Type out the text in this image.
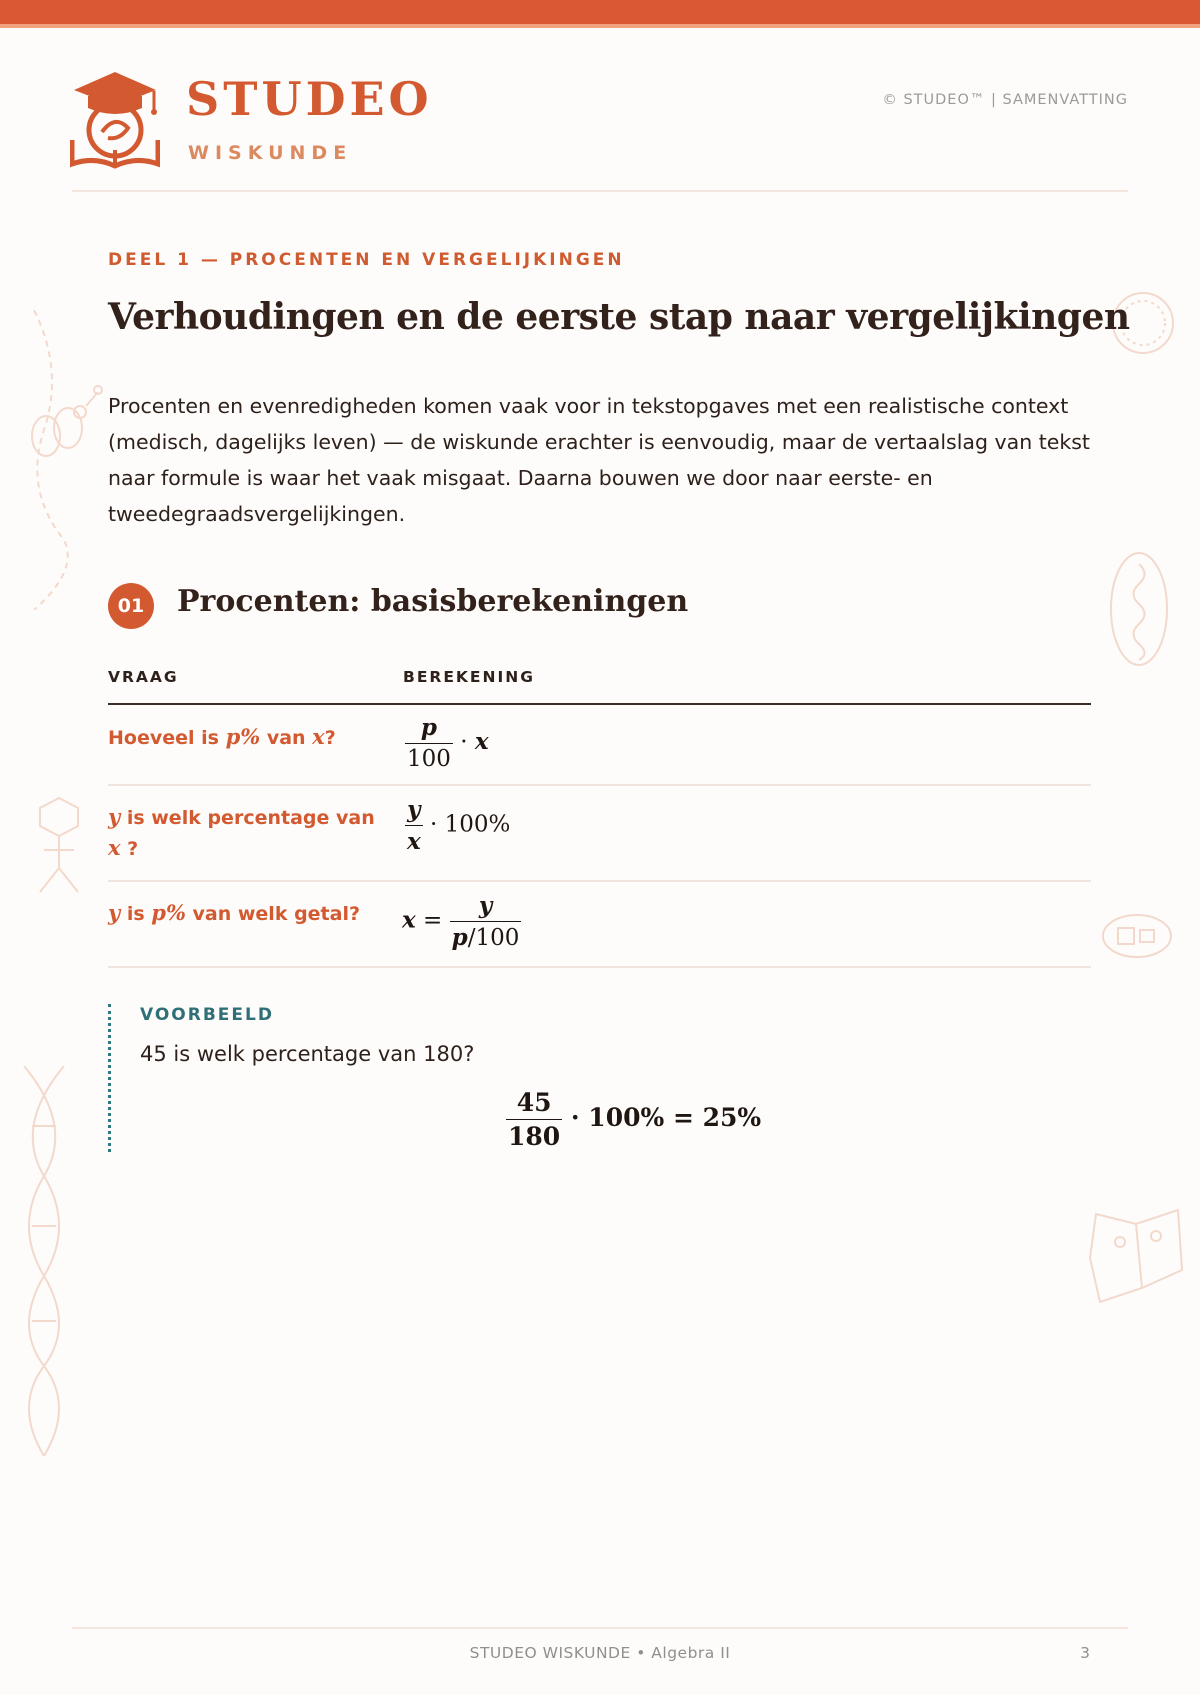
STUDEO
WISKUNDE
© STUDEO™ | SAMENVATTING
DEEL 1 — PROCENTEN EN VERGELIJKINGEN
Verhoudingen en de eerste stap naar vergelijkingen
Procenten en evenredigheden komen vaak voor in tekstopgaves met een realistische context (medisch, dagelijks leven) — de wiskunde erachter is eenvoudig, maar de vertaalslag van tekst naar formule is waar het vaak misgaat. Daarna bouwen we door naar eerste- en tweedegraadsvergelijkingen.
01	Procenten: basisberekeningen
VRAAG	BEREKENING
Hoeveel is p% van x?	$\frac{p}{100} \cdot x$
y is welk percentage van x ?	$\frac{y}{x} \cdot 100\%$
y is p% van welk getal?	$x = \frac{y}{p/100}$
VOORBEELD
45 is welk percentage van 180?
$\frac{45}{180} \cdot 100\% = 25\%$
STUDEO WISKUNDE • Algebra II	3
